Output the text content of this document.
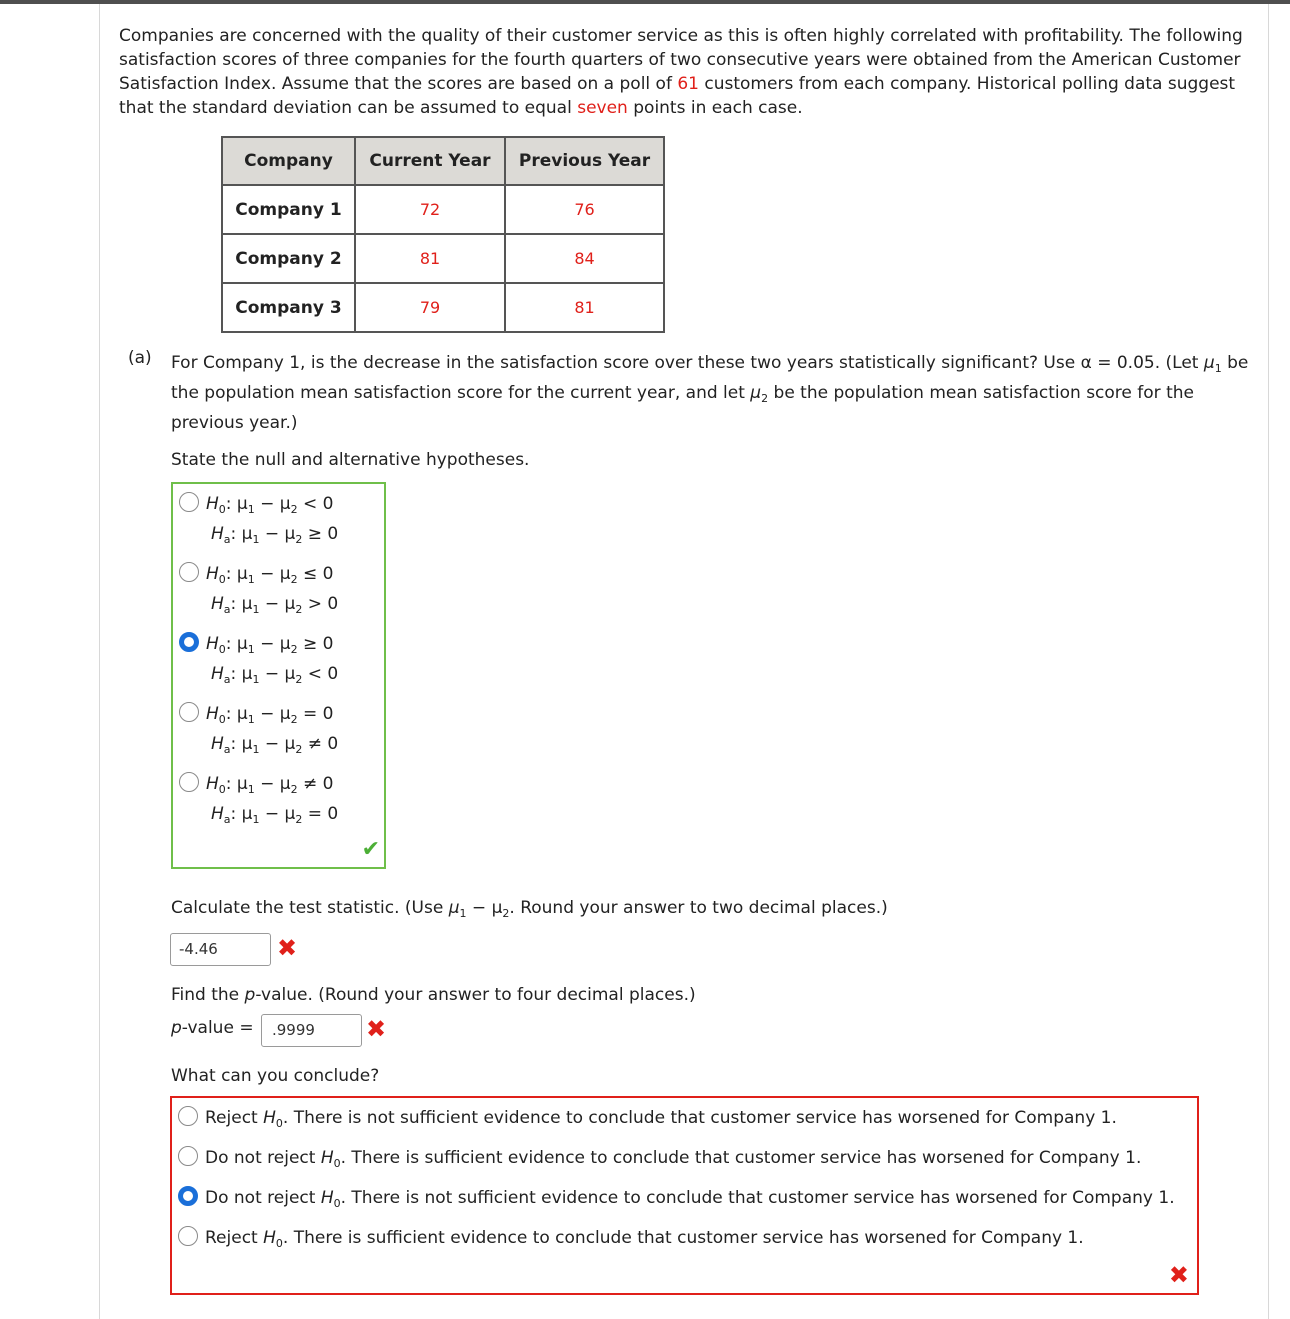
Companies are concerned with the quality of their customer service as this is often highly correlated with profitability. The following satisfaction scores of three companies for the fourth quarters of two consecutive years were obtained from the American Customer Satisfaction Index. Assume that the scores are based on a poll of 61 customers from each company. Historical polling data suggest that the standard deviation can be assumed to equal seven points in each case.
Company	Current Year	Previous Year
Company 1	72	76
Company 2	81	84
Company 3	79	81
(a) For Company 1, is the decrease in the satisfaction score over these two years statistically significant? Use α = 0.05. (Let $\mu_1$ be the population mean satisfaction score for the current year, and let $\mu_2$ be the population mean satisfaction score for the previous year.)
State the null and alternative hypotheses.
$H_0$: $\mu_1 - \mu_2 < 0$
$H_a$: $\mu_1 - \mu_2 \ge 0$
$H_0$: $\mu_1 - \mu_2 \le 0$
$H_a$: $\mu_1 - \mu_2 > 0$
$H_0$: $\mu_1 - \mu_2 \ge 0$
$H_a$: $\mu_1 - \mu_2 < 0$
$H_0$: $\mu_1 - \mu_2 = 0$
$H_a$: $\mu_1 - \mu_2 \ne 0$
$H_0$: $\mu_1 - \mu_2 \ne 0$
$H_a$: $\mu_1 - \mu_2 = 0$
✔
Calculate the test statistic. (Use $\mu_1 - \mu_2$. Round your answer to two decimal places.)
-4.46	✖
Find the p-value. (Round your answer to four decimal places.)
p-value =	.9999	✖
What can you conclude?
Reject $H_0$. There is not sufficient evidence to conclude that customer service has worsened for Company 1.
Do not reject $H_0$. There is sufficient evidence to conclude that customer service has worsened for Company 1.
Do not reject $H_0$. There is not sufficient evidence to conclude that customer service has worsened for Company 1.
Reject $H_0$. There is sufficient evidence to conclude that customer service has worsened for Company 1.
✖
